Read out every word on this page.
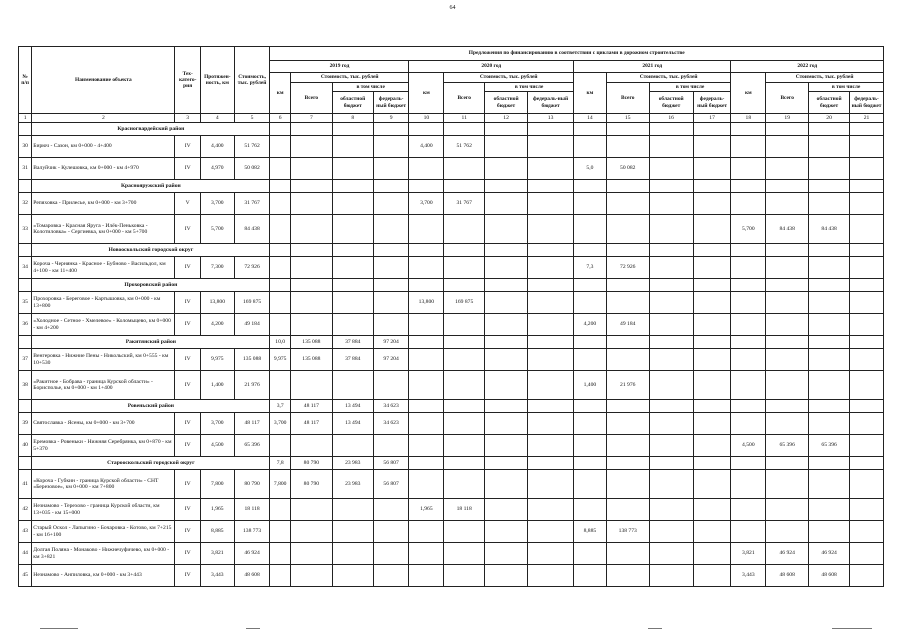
64
№ п/п	Наименование объекта	Тех-катего-рия	Протяжен-ность, км	Стоимость, тыс. рублей	Предложения по финансированию в соответствии с циклами в дорожном строительстве															
					2019 год				2020 год				2021 год				2022 год			
					км	Стоимость, тыс. рублей			км	Стоимость, тыс. рублей			км	Стоимость, тыс. рублей			км	Стоимость, тыс. рублей		
						Всего	в том числе			Всего	в том числе			Всего	в том числе			Всего	в том числе	
							областной бюджет	федераль-ный бюджет			областной бюджет	федераль-ный бюджет			областной бюджет	федераль-ный бюджет			областной бюджет	федераль-ный бюджет
1	2	3	4	5	6	7	8	9	10	11	12	13	14	15	16	17	18	19	20	21
	Красногвардейский район																			
30	Бирюч - Сазон, км 0+000 - 4+400	IV	4,400	51 762					4,400	51 762										
31	Валуйчик - Кулешовка, км 0+000 - км 4+970	IV	4,970	50 082									5,0	50 082						
	Краснояружский район																			
32	Репяховка - Прилесье, км 0+000 - км 3+700	V	3,700	31 767					3,700	31 767										
33	«Томаровка - Красная Яруга - Илёк-Пеньковка - Колотиловка» - Сергиевка, км 0+000 - км 5+700	IV	5,700	84 438													5,700	84 438	84 438	
	Новооскольский городской округ																			
34	Короча - Чернянка - Красное - Бубново - Васильдол, км 4+100 - км 11+400	IV	7,300	72 926									7,3	72 926						
	Прохоровский район																			
35	Прохоровка - Береговое - Картышовка, км 0+000 - км 13+800	IV	13,800	169 875					13,800	169 875										
36	«Холодное - Сетное - Хмелевое» - Коломыцево, км 0+000 - км 4+200	IV	4,200	49 184									4,200	49 184						
	Ракитянский район				10,0	135 088	37 884	97 204												
37	Венгеровка - Нижние Пены - Никольский, км 0+555 - км 10+530	IV	9,975	135 088	9,975	135 088	37 884	97 204												
38	«Ракитное - Бобрава - граница Курской области» - Борисполье, км 0+000 - км 1+400	IV	1,400	21 976									1,400	21 976						
	Ровеньский район				3,7	48 117	13 494	34 623												
39	Святославка - Ясены, км 0+000 - км 3+700	IV	3,700	48 117	3,700	48 117	13 494	34 623												
40	Еремовка - Ровеньки - Нижняя Серебрянка, км 0+870 - км 5+370	IV	4,500	65 396													4,500	65 396	65 396	
	Старооскольский городской округ				7,8	80 790	23 983	56 807												
41	«Короча - Губкин - граница Курской области» - СНТ «Березовое», км 0+000 - км 7+800	IV	7,800	80 790	7,800	80 790	23 983	56 807												
42	Незнамово - Терехово - граница Курской области, км 13+035 - км 15+000	IV	1,965	18 118					1,965	18 118										
43	Старый Оскол - Лапыгино - Бочаровка - Котово, км 7+215 - км 16+100	IV	8,885	138 773									8,885	138 773						
44	Долгая Поляна - Монаково - Нижнечуфичево, км 0+000 - км 3+821	IV	3,821	46 924													3,821	46 924	46 924	
45	Незнамово - Анпиловка, км 0+000 - км 3+443	IV	3,443	48 608													3,443	48 608	48 608	
